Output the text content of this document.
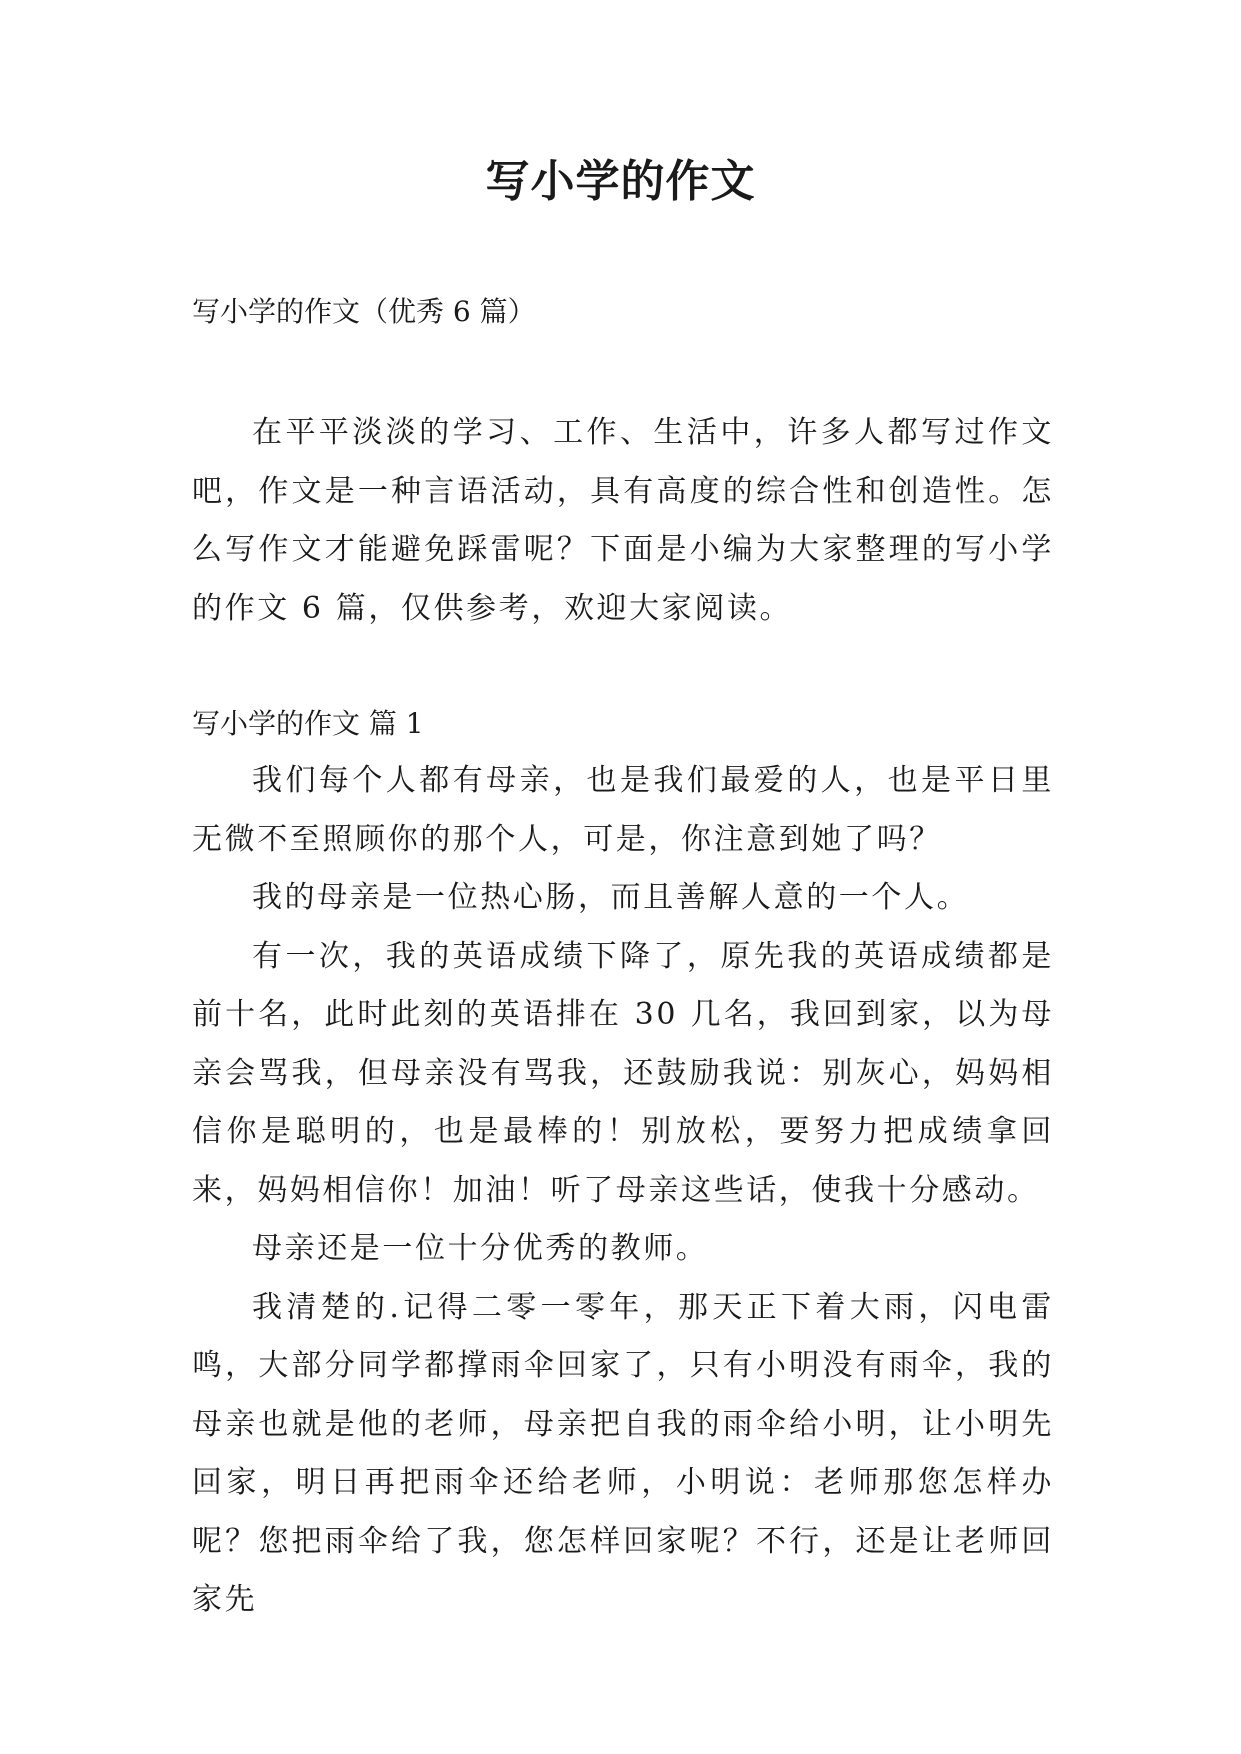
写小学的作文
写小学的作文（优秀 6 篇）

在平平淡淡的学习、工作、生活中，许多人都写过作文吧，作文是一种言语活动，具有高度的综合性和创造性。怎么写作文才能避免踩雷呢？下面是小编为大家整理的写小学的作文 6 篇，仅供参考，欢迎大家阅读。

写小学的作文 篇 1

我们每个人都有母亲，也是我们最爱的人，也是平日里无微不至照顾你的那个人，可是，你注意到她了吗？

我的母亲是一位热心肠，而且善解人意的一个人。

有一次，我的英语成绩下降了，原先我的英语成绩都是前十名，此时此刻的英语排在 30 几名，我回到家，以为母亲会骂我，但母亲没有骂我，还鼓励我说：别灰心，妈妈相信你是聪明的，也是最棒的！别放松，要努力把成绩拿回来，妈妈相信你！加油！听了母亲这些话，使我十分感动。

母亲还是一位十分优秀的教师。

我清楚的.记得二零一零年，那天正下着大雨，闪电雷鸣，大部分同学都撑雨伞回家了，只有小明没有雨伞，我的母亲也就是他的老师，母亲把自我的雨伞给小明，让小明先回家，明日再把雨伞还给老师，小明说：老师那您怎样办呢？您把雨伞给了我，您怎样回家呢？不行，还是让老师回家先
